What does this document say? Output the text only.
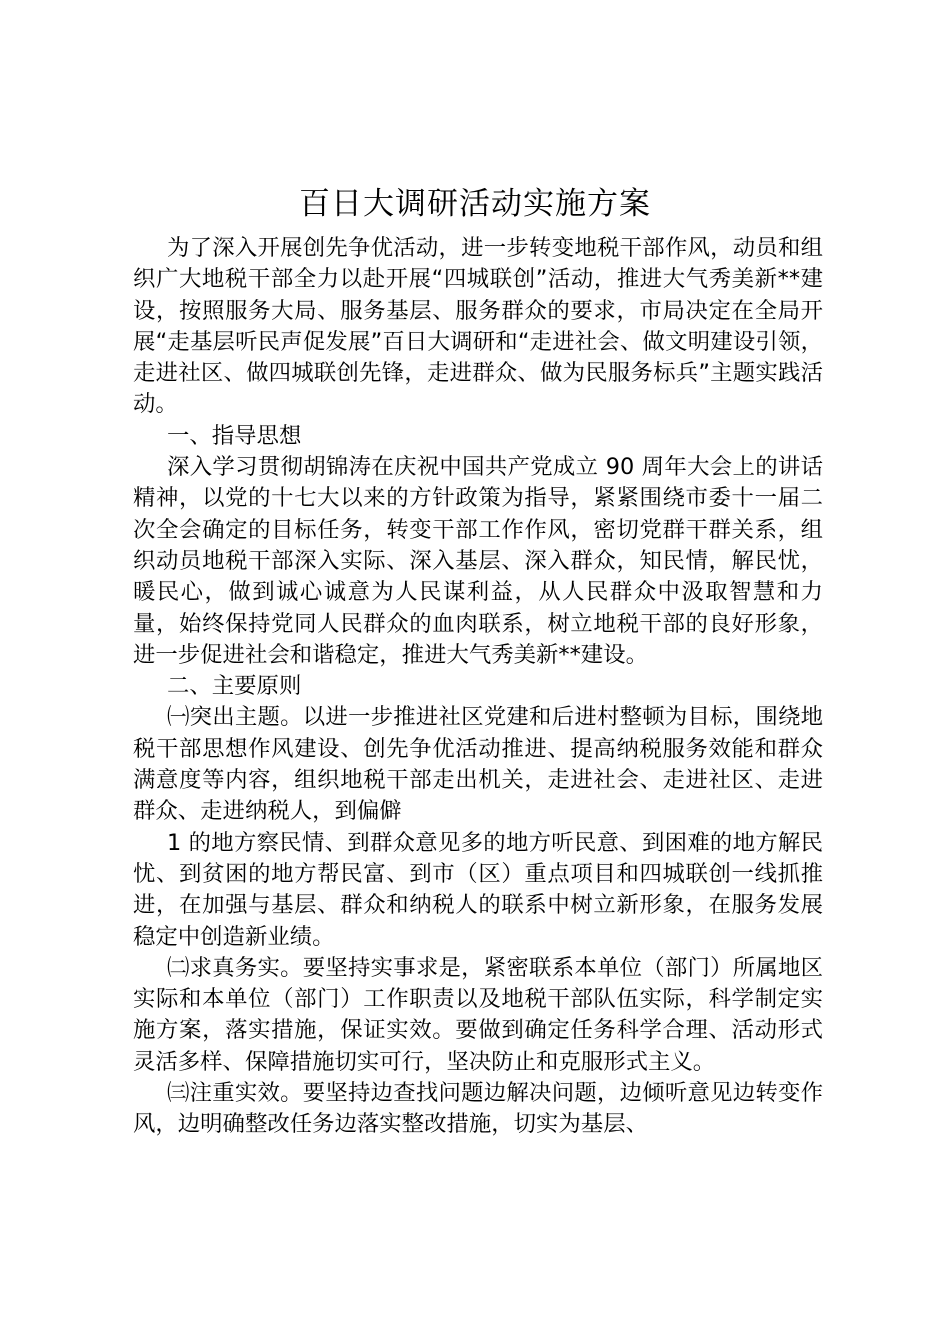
百日大调研活动实施方案

为了深入开展创先争优活动，进一步转变地税干部作风，动员和组织广大地税干部全力以赴开展“四城联创”活动，推进大气秀美新**建设，按照服务大局、服务基层、服务群众的要求，市局决定在全局开展“走基层听民声促发展”百日大调研和“走进社会、做文明建设引领，走进社区、做四城联创先锋，走进群众、做为民服务标兵”主题实践活动。

一、指导思想

深入学习贯彻胡锦涛在庆祝中国共产党成立 90 周年大会上的讲话精神，以党的十七大以来的方针政策为指导，紧紧围绕市委十一届二次全会确定的目标任务，转变干部工作作风，密切党群干群关系，组织动员地税干部深入实际、深入基层、深入群众，知民情，解民忧，暖民心，做到诚心诚意为人民谋利益，从人民群众中汲取智慧和力量，始终保持党同人民群众的血肉联系，树立地税干部的良好形象，进一步促进社会和谐稳定，推进大气秀美新**建设。

二、主要原则

㈠突出主题。以进一步推进社区党建和后进村整顿为目标，围绕地税干部思想作风建设、创先争优活动推进、提高纳税服务效能和群众满意度等内容，组织地税干部走出机关，走进社会、走进社区、走进群众、走进纳税人，到偏僻

1 的地方察民情、到群众意见多的地方听民意、到困难的地方解民忧、到贫困的地方帮民富、到市（区）重点项目和四城联创一线抓推进，在加强与基层、群众和纳税人的联系中树立新形象，在服务发展稳定中创造新业绩。

㈡求真务实。要坚持实事求是，紧密联系本单位（部门）所属地区实际和本单位（部门）工作职责以及地税干部队伍实际，科学制定实施方案，落实措施，保证实效。要做到确定任务科学合理、活动形式灵活多样、保障措施切实可行，坚决防止和克服形式主义。

㈢注重实效。要坚持边查找问题边解决问题，边倾听意见边转变作风，边明确整改任务边落实整改措施，切实为基层、
